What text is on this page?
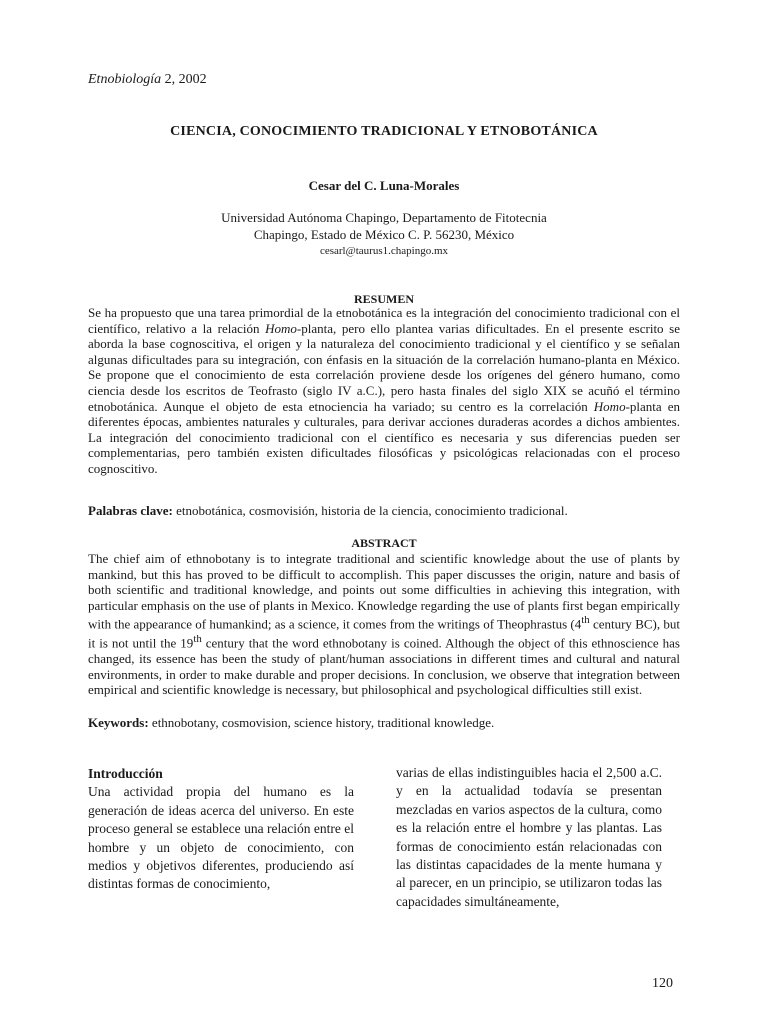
Etnobiología 2, 2002
CIENCIA, CONOCIMIENTO TRADICIONAL Y ETNOBOTÁNICA
Cesar del C. Luna-Morales
Universidad Autónoma Chapingo, Departamento de Fitotecnia
Chapingo, Estado de México C. P. 56230, México
cesarl@taurus1.chapingo.mx
RESUMEN

Se ha propuesto que una tarea primordial de la etnobotánica es la integración del conocimiento tradicional con el científico, relativo a la relación Homo-planta, pero ello plantea varias dificultades. En el presente escrito se aborda la base cognoscitiva, el origen y la naturaleza del conocimiento tradicional y el científico y se señalan algunas dificultades para su integración, con énfasis en la situación de la correlación humano-planta en México. Se propone que el conocimiento de esta correlación proviene desde los orígenes del género humano, como ciencia desde los escritos de Teofrasto (siglo IV a.C.), pero hasta finales del siglo XIX se acuñó el término etnobotánica. Aunque el objeto de esta etnociencia ha variado; su centro es la correlación Homo-planta en diferentes épocas, ambientes naturales y culturales, para derivar acciones duraderas acordes a dichos ambientes. La integración del conocimiento tradicional con el científico es necesaria y sus diferencias pueden ser complementarias, pero también existen dificultades filosóficas y psicológicas relacionadas con el proceso cognoscitivo.

Palabras clave: etnobotánica, cosmovisión, historia de la ciencia, conocimiento tradicional.

ABSTRACT

The chief aim of ethnobotany is to integrate traditional and scientific knowledge about the use of plants by mankind, but this has proved to be difficult to accomplish. This paper discusses the origin, nature and basis of both scientific and traditional knowledge, and points out some difficulties in achieving this integration, with particular emphasis on the use of plants in Mexico. Knowledge regarding the use of plants first began empirically with the appearance of humankind; as a science, it comes from the writings of Theophrastus (4th century BC), but it is not until the 19th century that the word ethnobotany is coined. Although the object of this ethnoscience has changed, its essence has been the study of plant/human associations in different times and cultural and natural environments, in order to make durable and proper decisions. In conclusion, we observe that integration between empirical and scientific knowledge is necessary, but philosophical and psychological difficulties still exist.

Keywords: ethnobotany, cosmovision, science history, traditional knowledge.

Introducción

Una actividad propia del humano es la generación de ideas acerca del universo. En este proceso general se establece una relación entre el hombre y un objeto de conocimiento, con medios y objetivos diferentes, produciendo así distintas formas de conocimiento,

varias de ellas indistinguibles hacia el 2,500 a.C. y en la actualidad todavía se presentan mezcladas en varios aspectos de la cultura, como es la relación entre el hombre y las plantas. Las formas de conocimiento están relacionadas con las distintas capacidades de la mente humana y al parecer, en un principio, se utilizaron todas las capacidades simultáneamente,

120
